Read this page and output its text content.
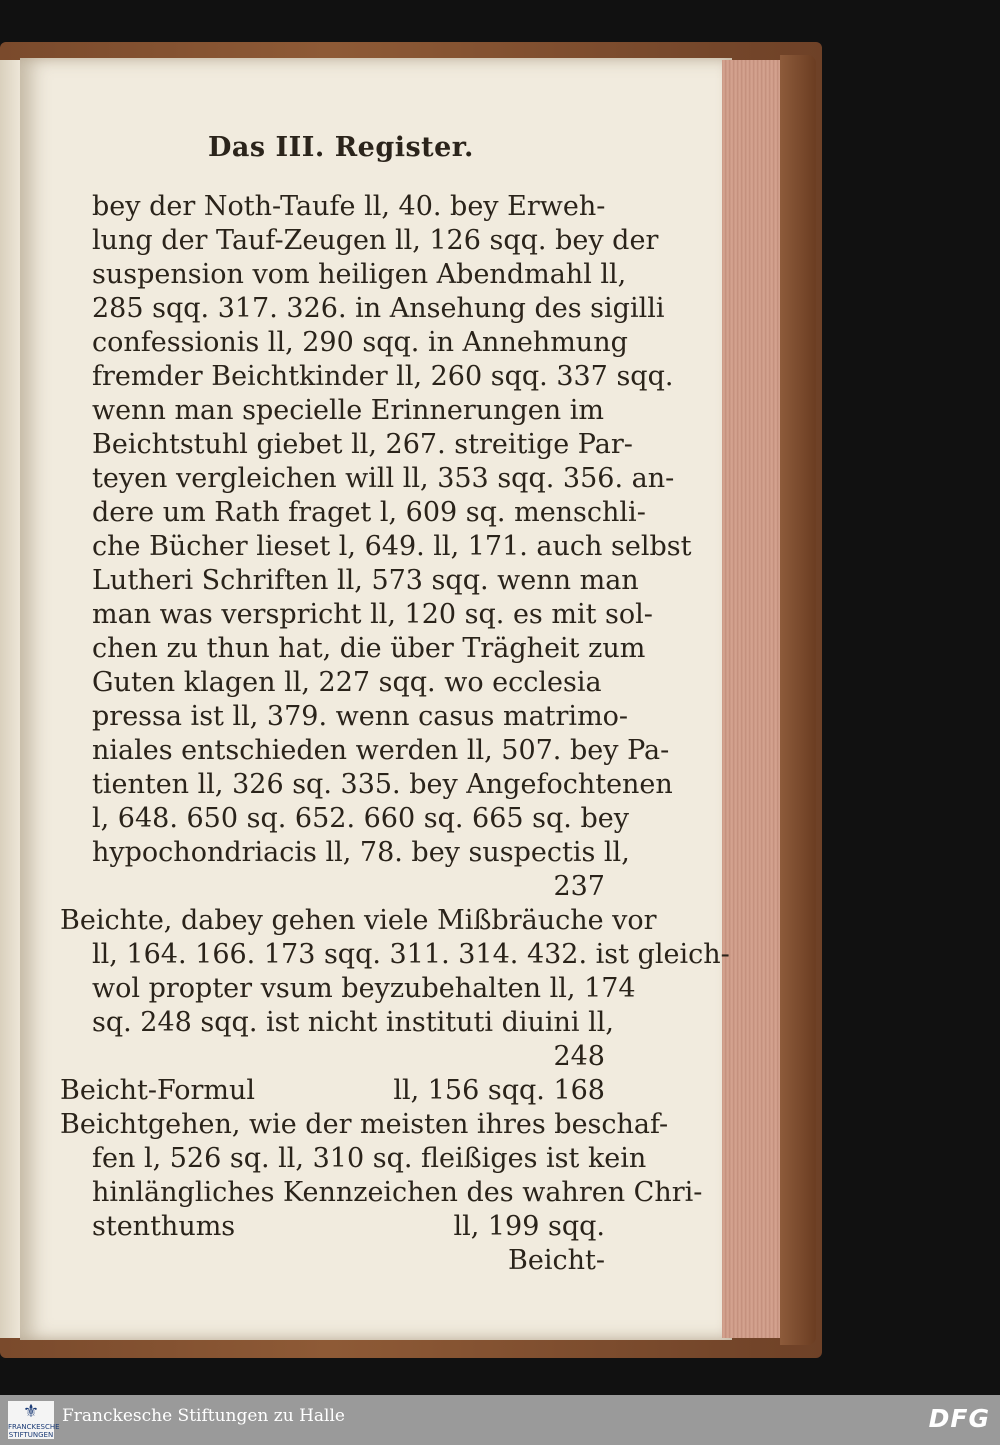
Das III. Register.
bey der Noth-Taufe ll, 40. bey Erweh-
lung der Tauf-Zeugen ll, 126 sqq. bey der
suspension vom heiligen Abendmahl ll,
285 sqq. 317. 326. in Ansehung des sigilli
confessionis ll, 290 sqq. in Annehmung
fremder Beichtkinder ll, 260 sqq. 337 sqq.
wenn man specielle Erinnerungen im
Beichtstuhl giebet ll, 267. streitige Par-
teyen vergleichen will ll, 353 sqq. 356. an-
dere um Rath fraget l, 609 sq. menschli-
che Bücher lieset l, 649. ll, 171. auch selbst
Lutheri Schriften ll, 573 sqq. wenn man
man was verspricht ll, 120 sq. es mit sol-
chen zu thun hat, die über Trägheit zum
Guten klagen ll, 227 sqq. wo ecclesia
pressa ist ll, 379. wenn casus matrimo-
niales entschieden werden ll, 507. bey Pa-
tienten ll, 326 sq. 335. bey Angefochtenen
l, 648. 650 sq. 652. 660 sq. 665 sq. bey
hypochondriacis ll, 78. bey suspectis ll,
237
Beichte, dabey gehen viele Mißbräuche vor
ll, 164. 166. 173 sqq. 311. 314. 432. ist gleich-
wol propter vsum beyzubehalten ll, 174
sq. 248 sqq. ist nicht instituti diuini ll,
248
Beicht-Formul	ll, 156 sqq. 168
Beichtgehen, wie der meisten ihres beschaf-
fen l, 526 sq. ll, 310 sq. fleißiges ist kein
hinlängliches Kennzeichen des wahren Chri-
stenthums	ll, 199 sqq.
Beicht-
⚜
FRANCKESCHE STIFTUNGEN
Franckesche Stiftungen zu Halle	DFG
